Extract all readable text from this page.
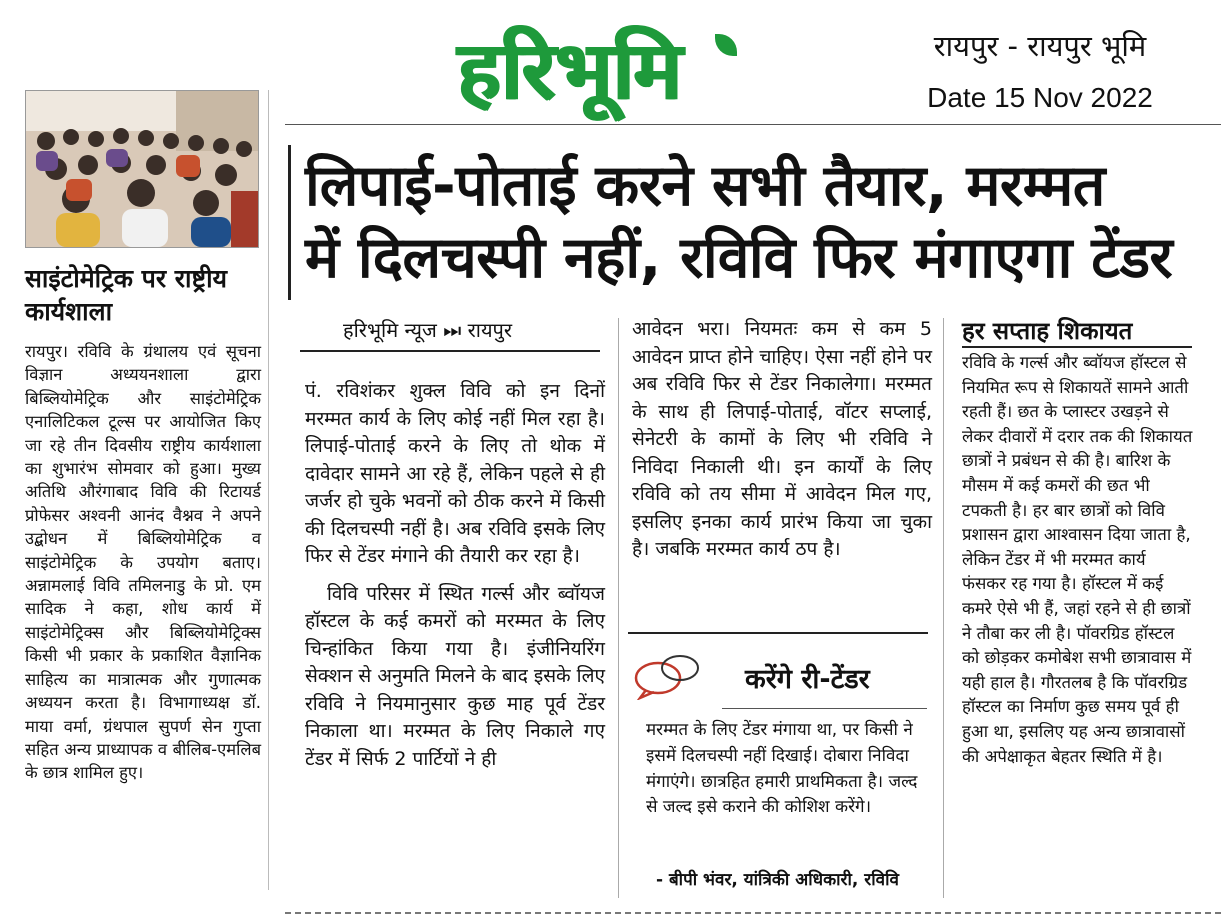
हरिभूमि	रायपुर - रायपुर भूमि
Date 15 Nov 2022
साइंटोमेट्रिक पर राष्ट्रीय कार्यशाला
रायपुर। रविवि के ग्रंथालय एवं सूचना विज्ञान अध्ययनशाला द्वारा बिब्लियोमेट्रिक और साइंटोमेट्रिक एनालिटिकल टूल्स पर आयोजित किए जा रहे तीन दिवसीय राष्ट्रीय कार्यशाला का शुभारंभ सोमवार को हुआ। मुख्य अतिथि औरंगाबाद विवि की रिटायर्ड प्रोफेसर अश्वनी आनंद वैश्नव ने अपने उद्बोधन में बिब्लियोमेट्रिक व साइंटोमेट्रिक के उपयोग बताए। अन्नामलाई विवि तमिलनाडु के प्रो. एम सादिक ने कहा, शोध कार्य में साइंटोमेट्रिक्स और बिब्लियोमेट्रिक्स किसी भी प्रकार के प्रकाशित वैज्ञानिक साहित्य का मात्रात्मक और गुणात्मक अध्ययन करता है। विभागाध्यक्ष डॉ. माया वर्मा, ग्रंथपाल सुपर्ण सेन गुप्ता सहित अन्य प्राध्यापक व बीलिब-एमलिब के छात्र शामिल हुए।
लिपाई-पोताई करने सभी तैयार, मरम्मत
में दिलचस्पी नहीं, रविवि फिर मंगाएगा टेंडर
हरिभूमि न्यूज ⏭ रायपुर

पं. रविशंकर शुक्ल विवि को इन दिनों मरम्मत कार्य के लिए कोई नहीं मिल रहा है। लिपाई-पोताई करने के लिए तो थोक में दावेदार सामने आ रहे हैं, लेकिन पहले से ही जर्जर हो चुके भवनों को ठीक करने में किसी की दिलचस्पी नहीं है। अब रविवि इसके लिए फिर से टेंडर मंगाने की तैयारी कर रहा है।

विवि परिसर में स्थित गर्ल्स और ब्वॉयज हॉस्टल के कई कमरों को मरम्मत के लिए चिन्हांकित किया गया है। इंजीनियरिंग सेक्शन से अनुमति मिलने के बाद इसके लिए रविवि ने नियमानुसार कुछ माह पूर्व टेंडर निकाला था। मरम्मत के लिए निकाले गए टेंडर में सिर्फ 2 पार्टियों ने ही

आवेदन भरा। नियमतः कम से कम 5 आवेदन प्राप्त होने चाहिए। ऐसा नहीं होने पर अब रविवि फिर से टेंडर निकालेगा। मरम्मत के साथ ही लिपाई-पोताई, वॉटर सप्लाई, सेनेटरी के कामों के लिए भी रविवि ने निविदा निकाली थी। इन कार्यों के लिए रविवि को तय सीमा में आवेदन मिल गए, इसलिए इनका कार्य प्रारंभ किया जा चुका है। जबकि मरम्मत कार्य ठप है।
करेंगे री-टेंडर
मरम्मत के लिए टेंडर मंगाया था, पर किसी ने इसमें दिलचस्पी नहीं दिखाई। दोबारा निविदा मंगाएंगे। छात्रहित हमारी प्राथमिकता है। जल्द से जल्द इसे कराने की कोशिश करेंगे।
- बीपी भंवर, यांत्रिकी अधिकारी, रविवि
हर सप्ताह शिकायत
रविवि के गर्ल्स और ब्वॉयज हॉस्टल से नियमित रूप से शिकायतें सामने आती रहती हैं। छत के प्लास्टर उखड़ने से लेकर दीवारों में दरार तक की शिकायत छात्रों ने प्रबंधन से की है। बारिश के मौसम में कई कमरों की छत भी टपकती है। हर बार छात्रों को विवि प्रशासन द्वारा आश्वासन दिया जाता है, लेकिन टेंडर में भी मरम्मत कार्य फंसकर रह गया है। हॉस्टल में कई कमरे ऐसे भी हैं, जहां रहने से ही छात्रों ने तौबा कर ली है। पॉवरग्रिड हॉस्टल को छोड़कर कमोबेश सभी छात्रावास में यही हाल है। गौरतलब है कि पॉवरग्रिड हॉस्टल का निर्माण कुछ समय पूर्व ही हुआ था, इसलिए यह अन्य छात्रावासों की अपेक्षाकृत बेहतर स्थिति में है।
